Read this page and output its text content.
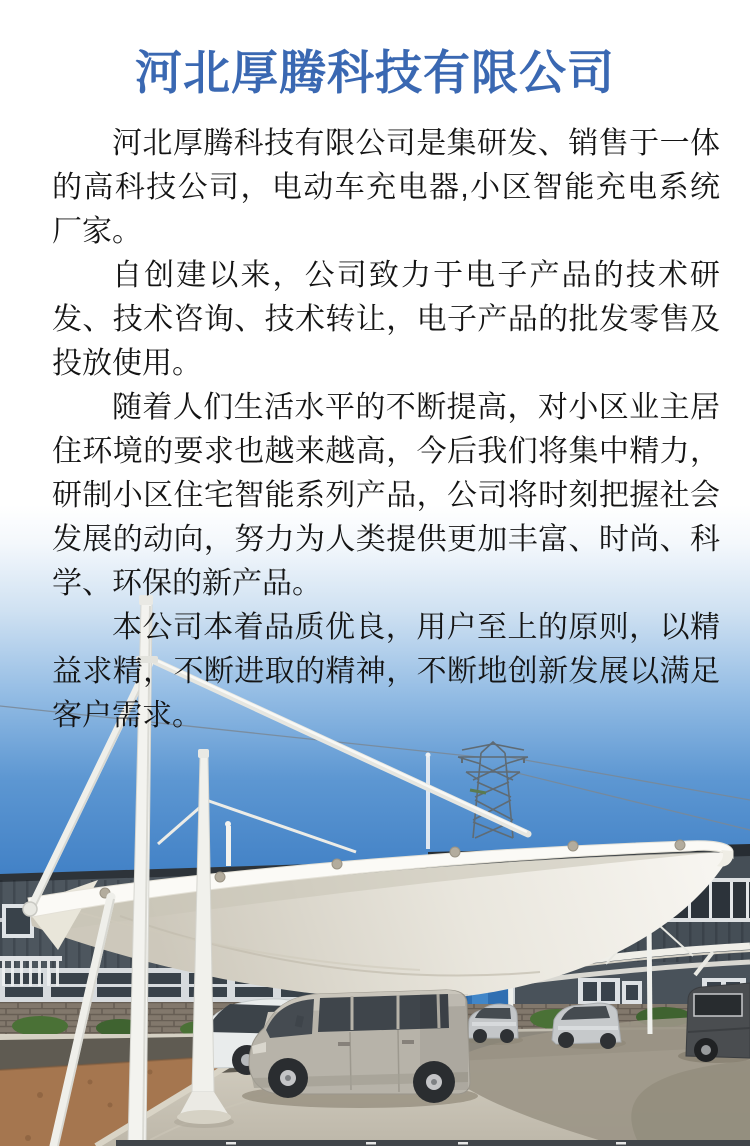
河北厚腾科技有限公司

河北厚腾科技有限公司是集研发、销售于一体的高科技公司，电动车充电器,小区智能充电系统厂家。

自创建以来，公司致力于电子产品的技术研发、技术咨询、技术转让，电子产品的批发零售及投放使用。

随着人们生活水平的不断提高，对小区业主居住环境的要求也越来越高，今后我们将集中精力，研制小区住宅智能系列产品，公司将时刻把握社会发展的动向，努力为人类提供更加丰富、时尚、科学、环保的新产品。

本公司本着品质优良，用户至上的原则，以精益求精，不断进取的精神，不断地创新发展以满足客户需求。
